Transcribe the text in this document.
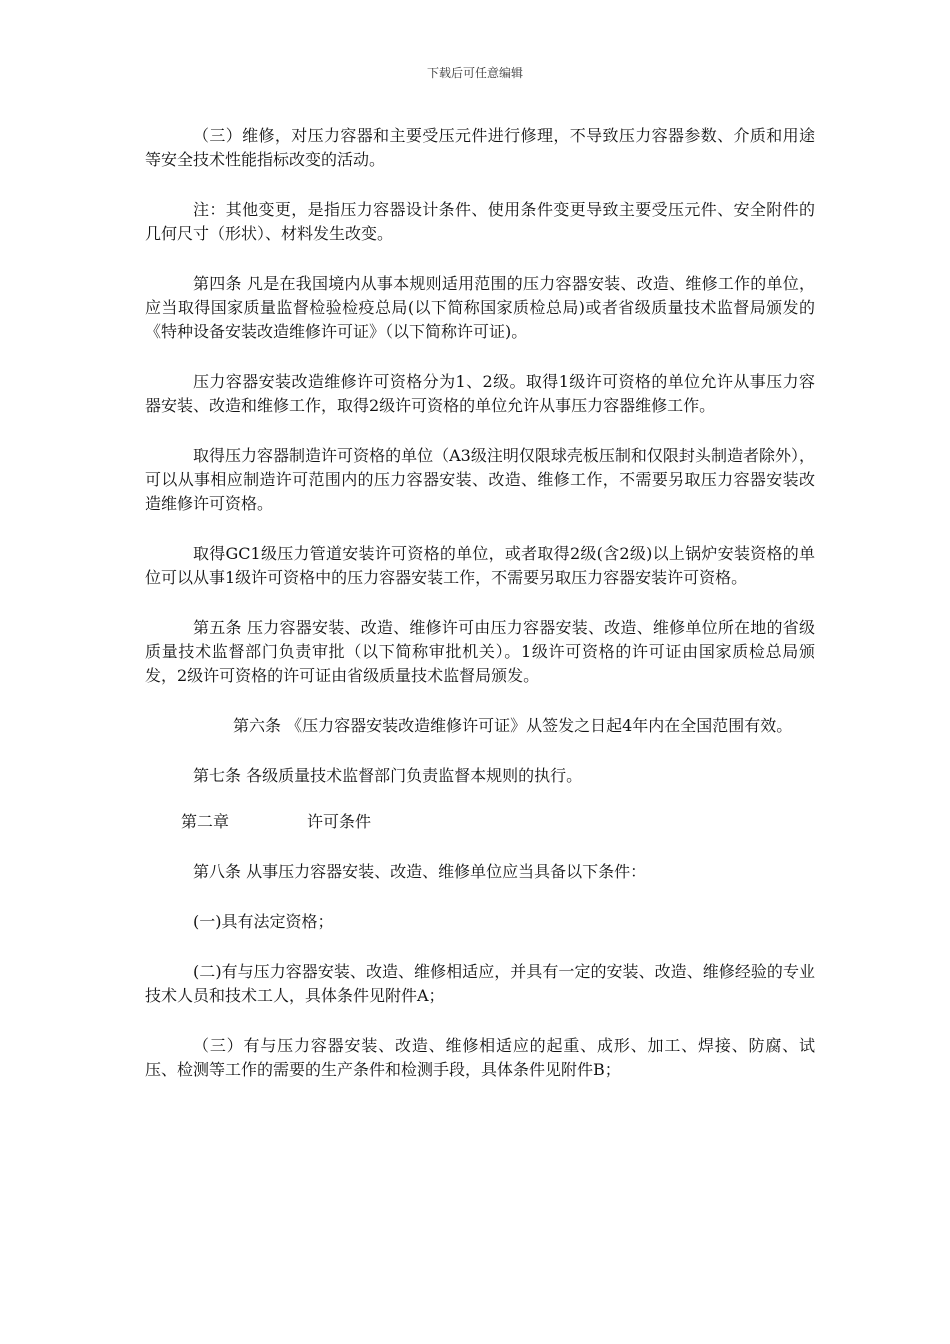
下载后可任意编辑

（三）维修，对压力容器和主要受压元件进行修理，不导致压力容器参数、介质和用途等安全技术性能指标改变的活动。

注：其他变更，是指压力容器设计条件、使用条件变更导致主要受压元件、安全附件的几何尺寸（形状）、材料发生改变。

第四条 凡是在我国境内从事本规则适用范围的压力容器安装、改造、维修工作的单位，应当取得国家质量监督检验检疫总局(以下简称国家质检总局)或者省级质量技术监督局颁发的《特种设备安装改造维修许可证》（以下简称许可证)。

压力容器安装改造维修许可资格分为1、2级。取得1级许可资格的单位允许从事压力容器安装、改造和维修工作，取得2级许可资格的单位允许从事压力容器维修工作。

取得压力容器制造许可资格的单位（A3级注明仅限球壳板压制和仅限封头制造者除外），可以从事相应制造许可范围内的压力容器安装、改造、维修工作，不需要另取压力容器安装改造维修许可资格。

取得GC1级压力管道安装许可资格的单位，或者取得2级(含2级)以上锅炉安装资格的单位可以从事1级许可资格中的压力容器安装工作，不需要另取压力容器安装许可资格。

第五条 压力容器安装、改造、维修许可由压力容器安装、改造、维修单位所在地的省级质量技术监督部门负责审批（以下简称审批机关）。1级许可资格的许可证由国家质检总局颁发，2级许可资格的许可证由省级质量技术监督局颁发。

第六条 《压力容器安装改造维修许可证》从签发之日起4年内在全国范围有效。

第七条 各级质量技术监督部门负责监督本规则的执行。

第二章	许可条件

第八条 从事压力容器安装、改造、维修单位应当具备以下条件：

(一)具有法定资格；

(二)有与压力容器安装、改造、维修相适应，并具有一定的安装、改造、维修经验的专业技术人员和技术工人，具体条件见附件A；

（三）有与压力容器安装、改造、维修相适应的起重、成形、加工、焊接、防腐、试压、检测等工作的需要的生产条件和检测手段，具体条件见附件B；
